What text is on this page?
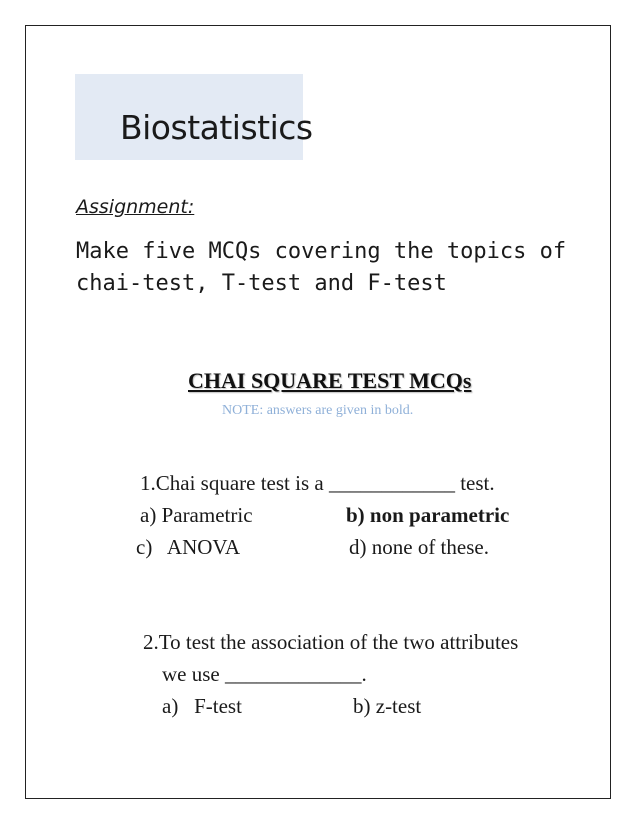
Biostatistics
Assignment:
Make five MCQs covering the topics of
chai-test, T-test and F-test
CHAI SQUARE TEST MCQs
NOTE: answers are given in bold.
1.Chai square test is a ____________ test.
a) Parametric	b) non parametric
c)   ANOVA	d) none of these.
2.To test the association of the two attributes
we use _____________.
a)   F-test	b) z-test
